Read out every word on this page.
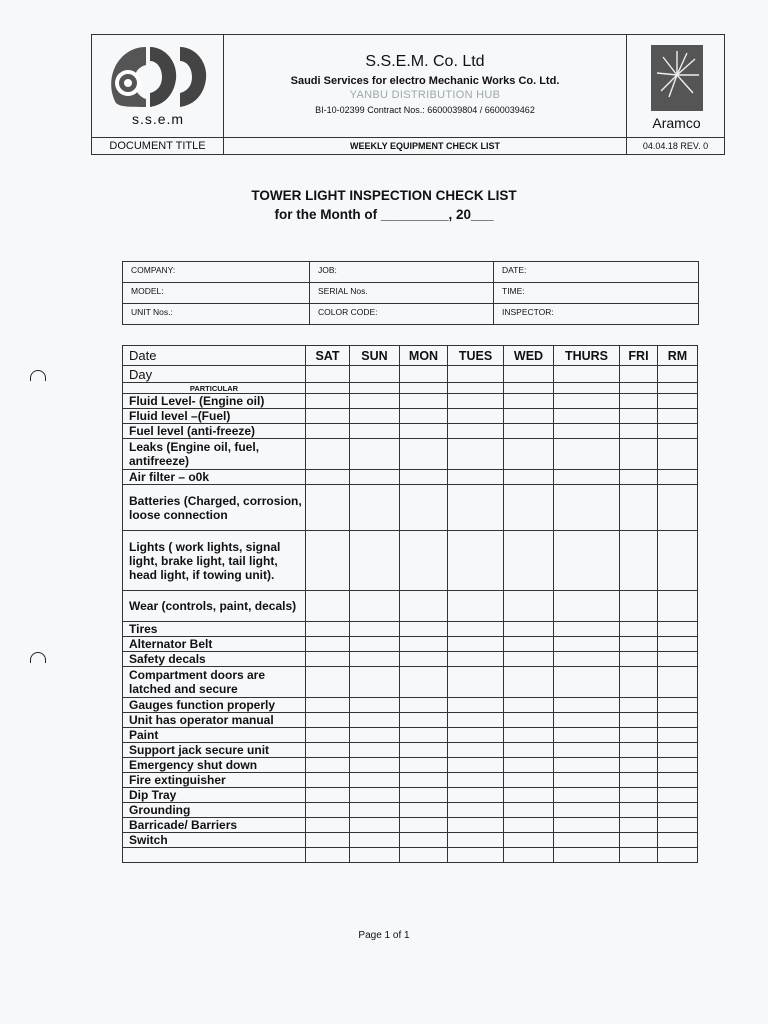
s.s.e.m
S.S.E.M. Co. Ltd
Saudi Services for electro Mechanic Works Co. Ltd.
YANBU DISTRIBUTION HUB
BI-10-02399 Contract Nos.: 6600039804 / 6600039462
Aramco
DOCUMENT TITLE	WEEKLY EQUIPMENT CHECK LIST	04.04.18 REV. 0
TOWER LIGHT INSPECTION CHECK LIST
for the Month of _________, 20___
COMPANY:	JOB:	DATE:
MODEL:	SERIAL Nos.	TIME:
UNIT Nos.:	COLOR CODE:	INSPECTOR:
Date	SAT	SUN	MON	TUES	WED	THURS	FRI	RM
Day								
PARTICULAR								
Fluid Level- (Engine oil)								
Fluid level –(Fuel)								
Fuel level (anti-freeze)								
Leaks (Engine oil, fuel, antifreeze)								
Air filter – o0k								
Batteries (Charged, corrosion, loose connection								
Lights ( work lights, signal light, brake light, tail light, head light, if towing unit).								
Wear (controls, paint, decals)								
Tires								
Alternator Belt								
Safety decals								
Compartment doors are latched and secure								
Gauges function properly								
Unit has operator manual								
Paint								
Support jack secure unit								
Emergency shut down								
Fire extinguisher								
Dip Tray								
Grounding								
Barricade/ Barriers								
Switch								

Page 1 of 1
